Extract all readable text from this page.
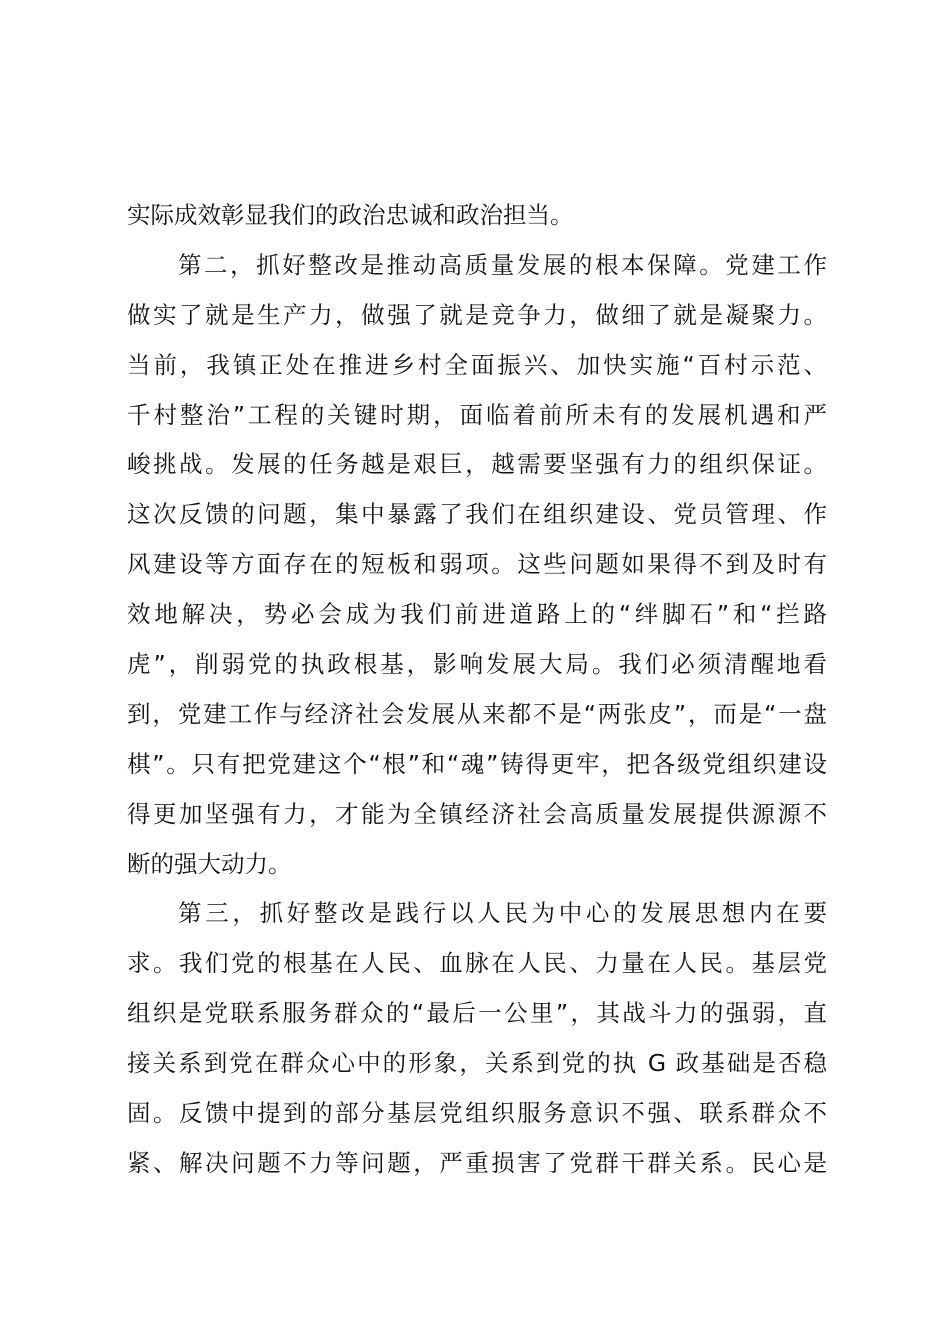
实际成效彰显我们的政治忠诚和政治担当。
第二，抓好整改是推动高质量发展的根本保障。党建工作
做实了就是生产力，做强了就是竞争力，做细了就是凝聚力。
当前，我镇正处在推进乡村全面振兴、加快实施“百村示范、
千村整治”工程的关键时期，面临着前所未有的发展机遇和严
峻挑战。发展的任务越是艰巨，越需要坚强有力的组织保证。
这次反馈的问题，集中暴露了我们在组织建设、党员管理、作
风建设等方面存在的短板和弱项。这些问题如果得不到及时有
效地解决，势必会成为我们前进道路上的“绊脚石”和“拦路
虎”，削弱党的执政根基，影响发展大局。我们必须清醒地看
到，党建工作与经济社会发展从来都不是“两张皮”，而是“一盘
棋”。只有把党建这个“根”和“魂”铸得更牢，把各级党组织建设
得更加坚强有力，才能为全镇经济社会高质量发展提供源源不
断的强大动力。
第三，抓好整改是践行以人民为中心的发展思想内在要
求。我们党的根基在人民、血脉在人民、力量在人民。基层党
组织是党联系服务群众的“最后一公里”，其战斗力的强弱，直
接关系到党在群众心中的形象，关系到党的执 G 政基础是否稳
固。反馈中提到的部分基层党组织服务意识不强、联系群众不
紧、解决问题不力等问题，严重损害了党群干群关系。民心是
